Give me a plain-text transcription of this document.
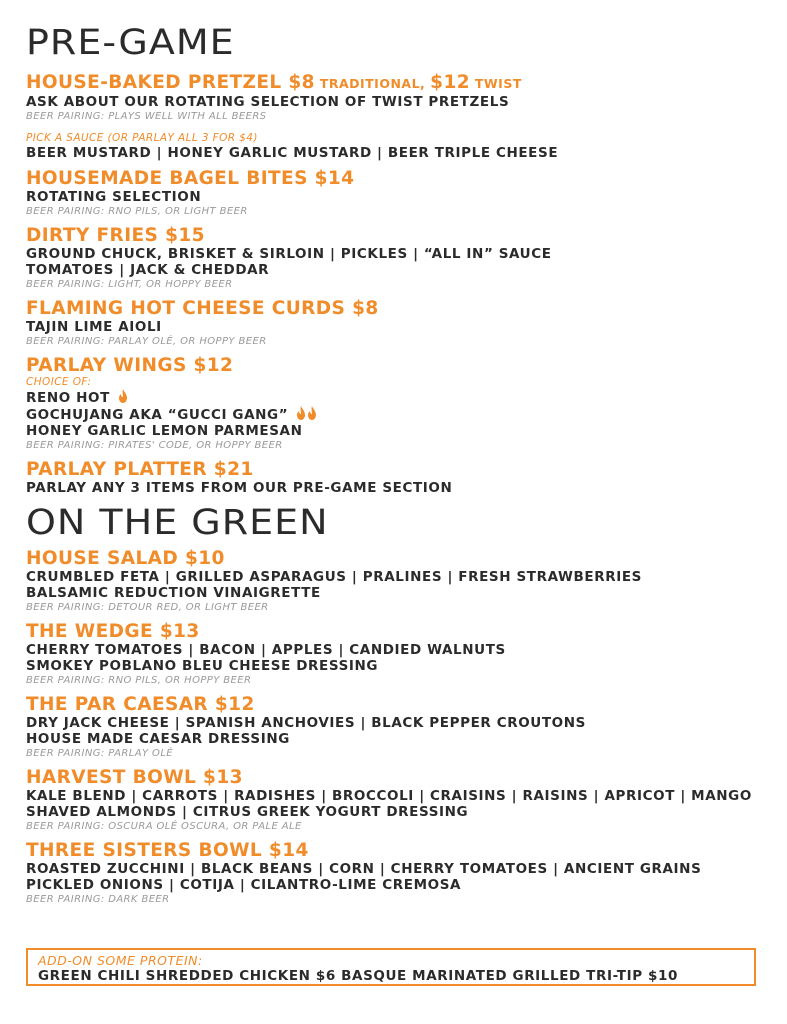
PRE-GAME
HOUSE-BAKED PRETZEL $8 TRADITIONAL, $12 TWIST
ASK ABOUT OUR ROTATING SELECTION OF TWIST PRETZELS
BEER PAIRING: PLAYS WELL WITH ALL BEERS
PICK A SAUCE (OR PARLAY ALL 3 FOR $4)
BEER MUSTARD | HONEY GARLIC MUSTARD | BEER TRIPLE CHEESE
HOUSEMADE BAGEL BITES $14
ROTATING SELECTION
BEER PAIRING: RNO PILS, OR LIGHT BEER
DIRTY FRIES $15
GROUND CHUCK, BRISKET & SIRLOIN | PICKLES | “ALL IN” SAUCE
TOMATOES | JACK & CHEDDAR
BEER PAIRING: LIGHT, OR HOPPY BEER
FLAMING HOT CHEESE CURDS $8
TAJIN LIME AIOLI
BEER PAIRING: PARLAY OLÉ, OR HOPPY BEER
PARLAY WINGS $12
CHOICE OF:
RENO HOT
GOCHUJANG AKA “GUCCI GANG”
HONEY GARLIC LEMON PARMESAN
BEER PAIRING: PIRATES' CODE, OR HOPPY BEER
PARLAY PLATTER $21
PARLAY ANY 3 ITEMS FROM OUR PRE-GAME SECTION
ON THE GREEN
HOUSE SALAD $10
CRUMBLED FETA | GRILLED ASPARAGUS | PRALINES | FRESH STRAWBERRIES
BALSAMIC REDUCTION VINAIGRETTE
BEER PAIRING: DETOUR RED, OR LIGHT BEER
THE WEDGE $13
CHERRY TOMATOES | BACON | APPLES | CANDIED WALNUTS
SMOKEY POBLANO BLEU CHEESE DRESSING
BEER PAIRING: RNO PILS, OR HOPPY BEER
THE PAR CAESAR $12
DRY JACK CHEESE | SPANISH ANCHOVIES | BLACK PEPPER CROUTONS
HOUSE MADE CAESAR DRESSING
BEER PAIRING: PARLAY OLÉ
HARVEST BOWL $13
KALE BLEND | CARROTS | RADISHES | BROCCOLI | CRAISINS | RAISINS | APRICOT | MANGO
SHAVED ALMONDS | CITRUS GREEK YOGURT DRESSING
BEER PAIRING: OSCURA OLÉ OSCURA, OR PALE ALE
THREE SISTERS BOWL $14
ROASTED ZUCCHINI | BLACK BEANS | CORN | CHERRY TOMATOES | ANCIENT GRAINS
PICKLED ONIONS | COTIJA | CILANTRO-LIME CREMOSA
BEER PAIRING: DARK BEER
ADD-ON SOME PROTEIN:
GREEN CHILI SHREDDED CHICKEN $6 BASQUE MARINATED GRILLED TRI-TIP $10
